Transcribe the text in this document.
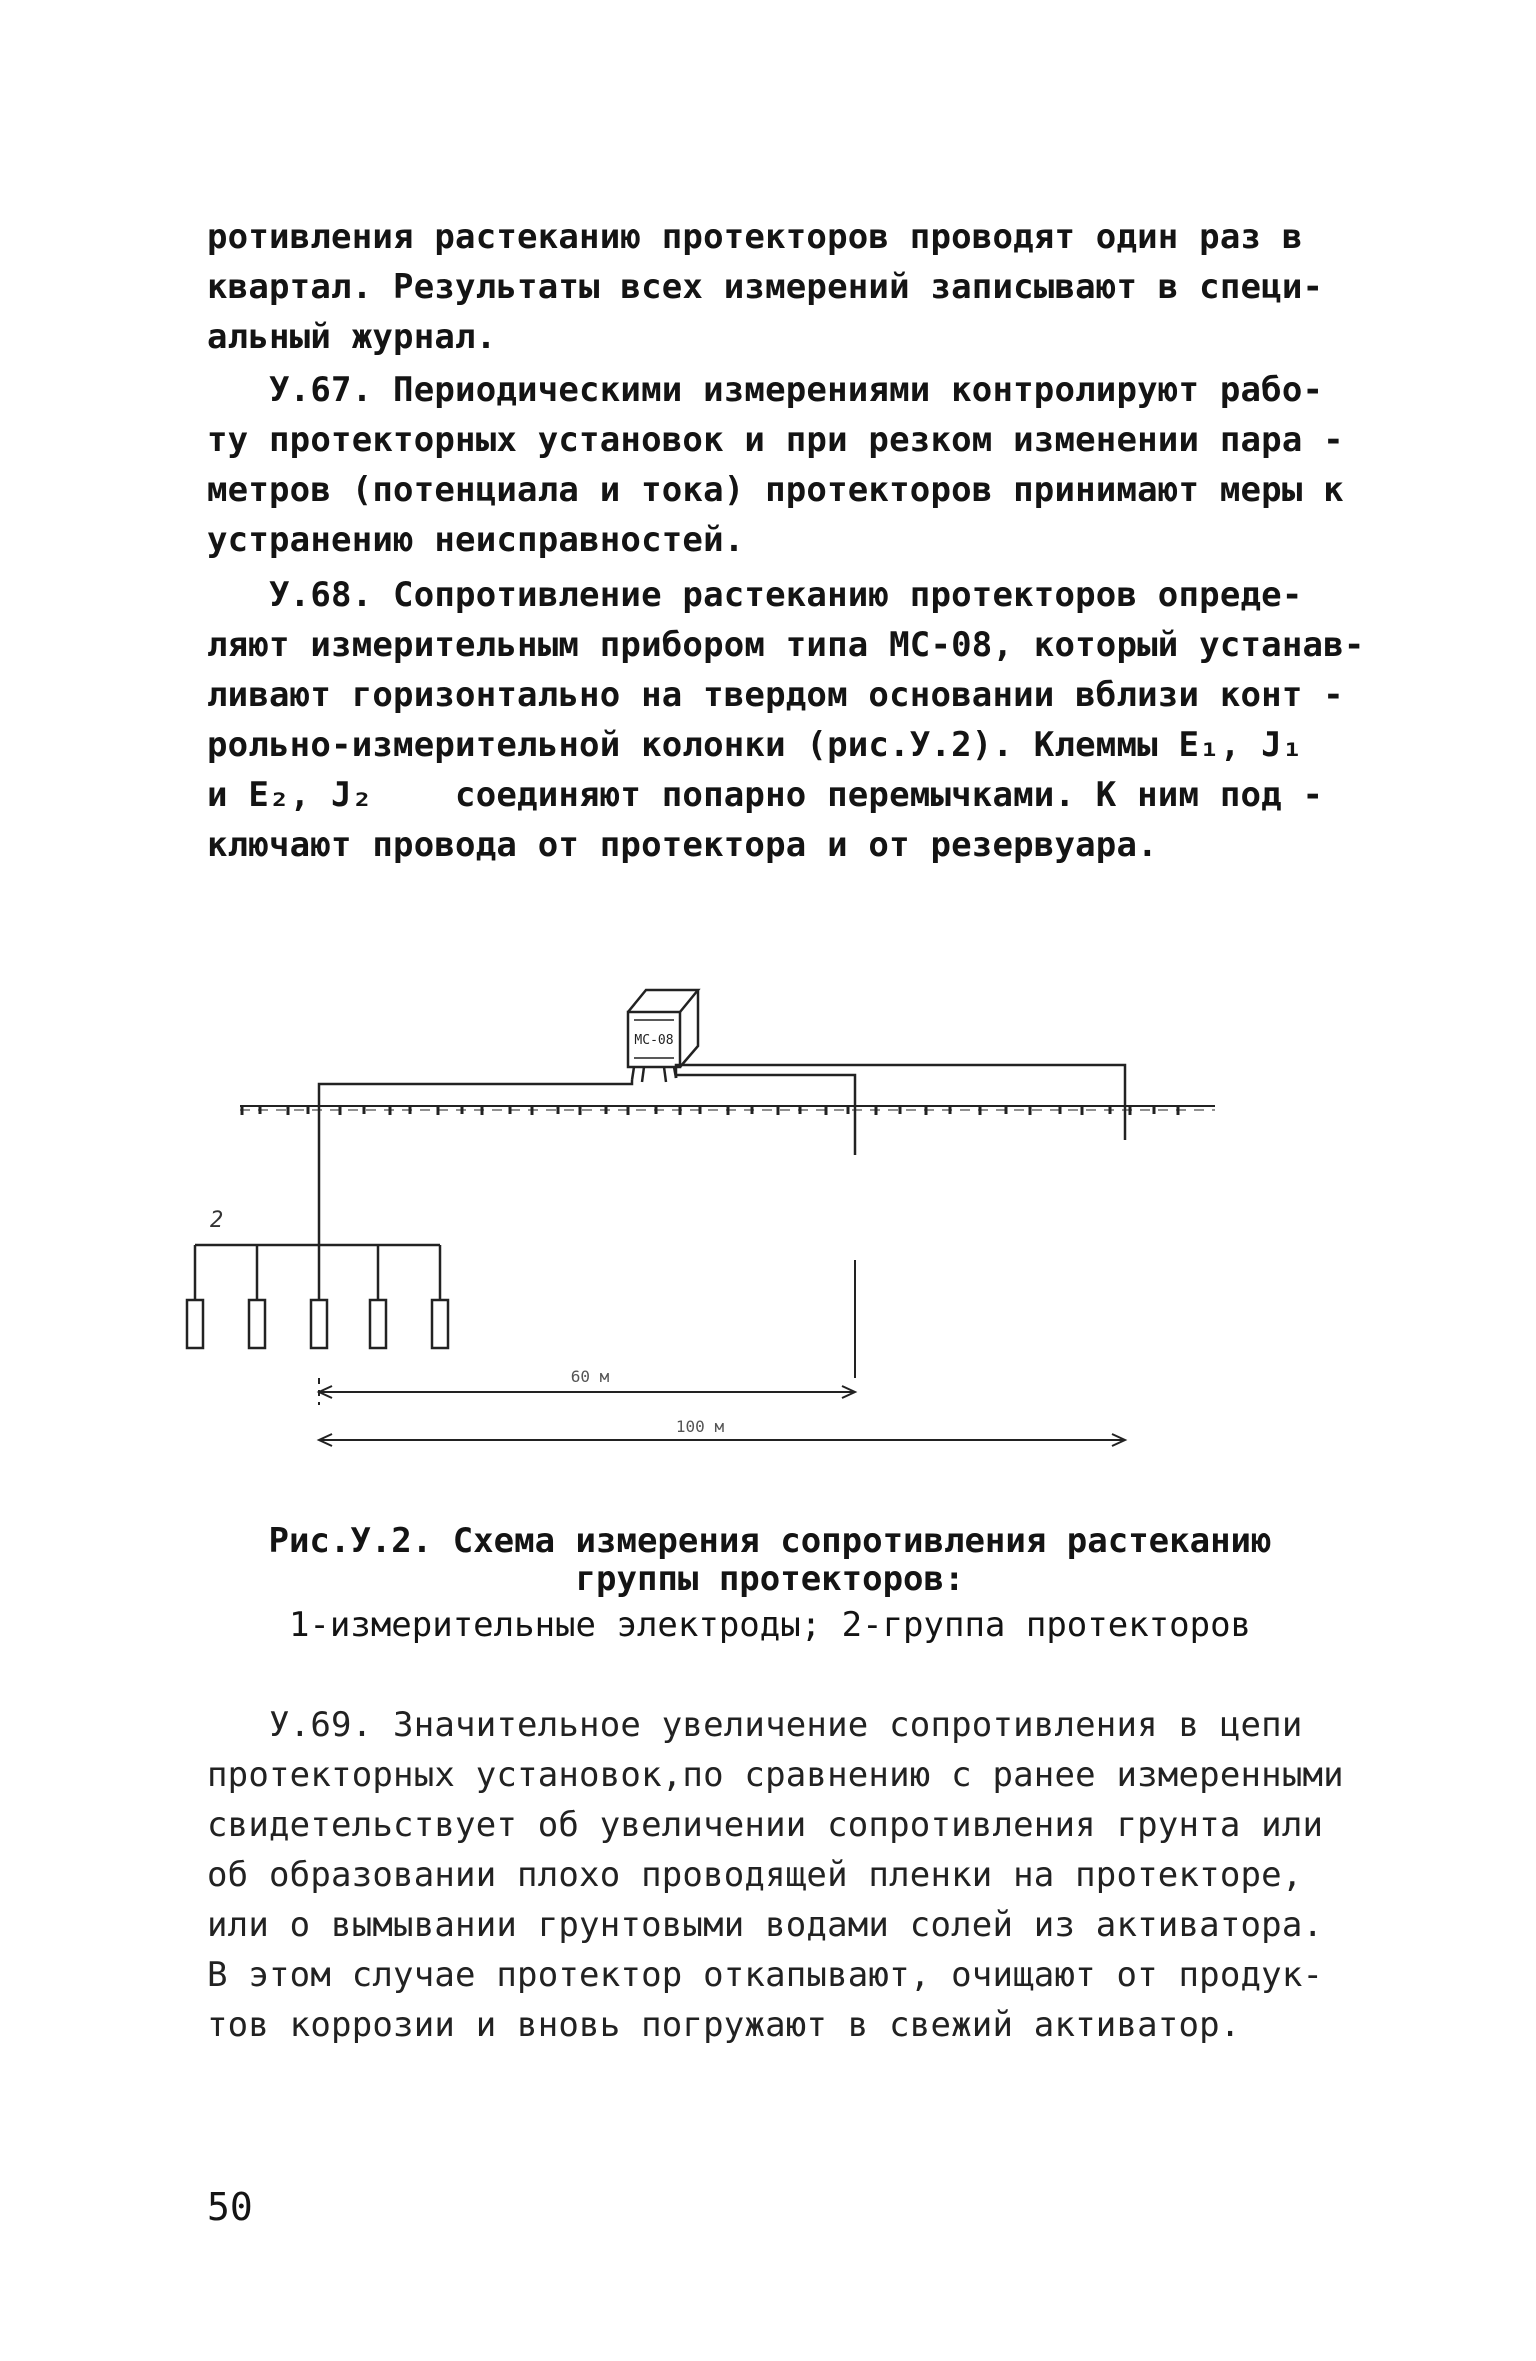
ротивления растеканию протекторов проводят один раз в
квартал. Результаты всех измерений записывают в специ-
альный журнал.
У.67. Периодическими измерениями контролируют рабо-
ту протекторных установок и при резком изменении пара -
метров (потенциала и тока) протекторов принимают меры к
устранению неисправностей.
У.68. Сопротивление растеканию протекторов опреде-
ляют измерительным прибором типа МС-08, который устанав-
ливают горизонтально на твердом основании вблизи конт -
рольно-измерительной колонки (рис.У.2). Клеммы E₁, J₁
и E₂, J₂    соединяют попарно перемычками. К ним под -
ключают провода от протектора и от резервуара.
МС-08
2
60 м
100 м

Рис.У.2. Схема измерения сопротивления растеканию

группы протекторов:

1-измерительные электроды; 2-группа протекторов

У.69. Значительное увеличение сопротивления в цепи
протекторных установок,по сравнению с ранее измеренными
свидетельствует об увеличении сопротивления грунта или
об образовании плохо проводящей пленки на протекторе,
или о вымывании грунтовыми водами солей из активатора.
В этом случае протектор откапывают, очищают от продук-
тов коррозии и вновь погружают в свежий активатор.

50
